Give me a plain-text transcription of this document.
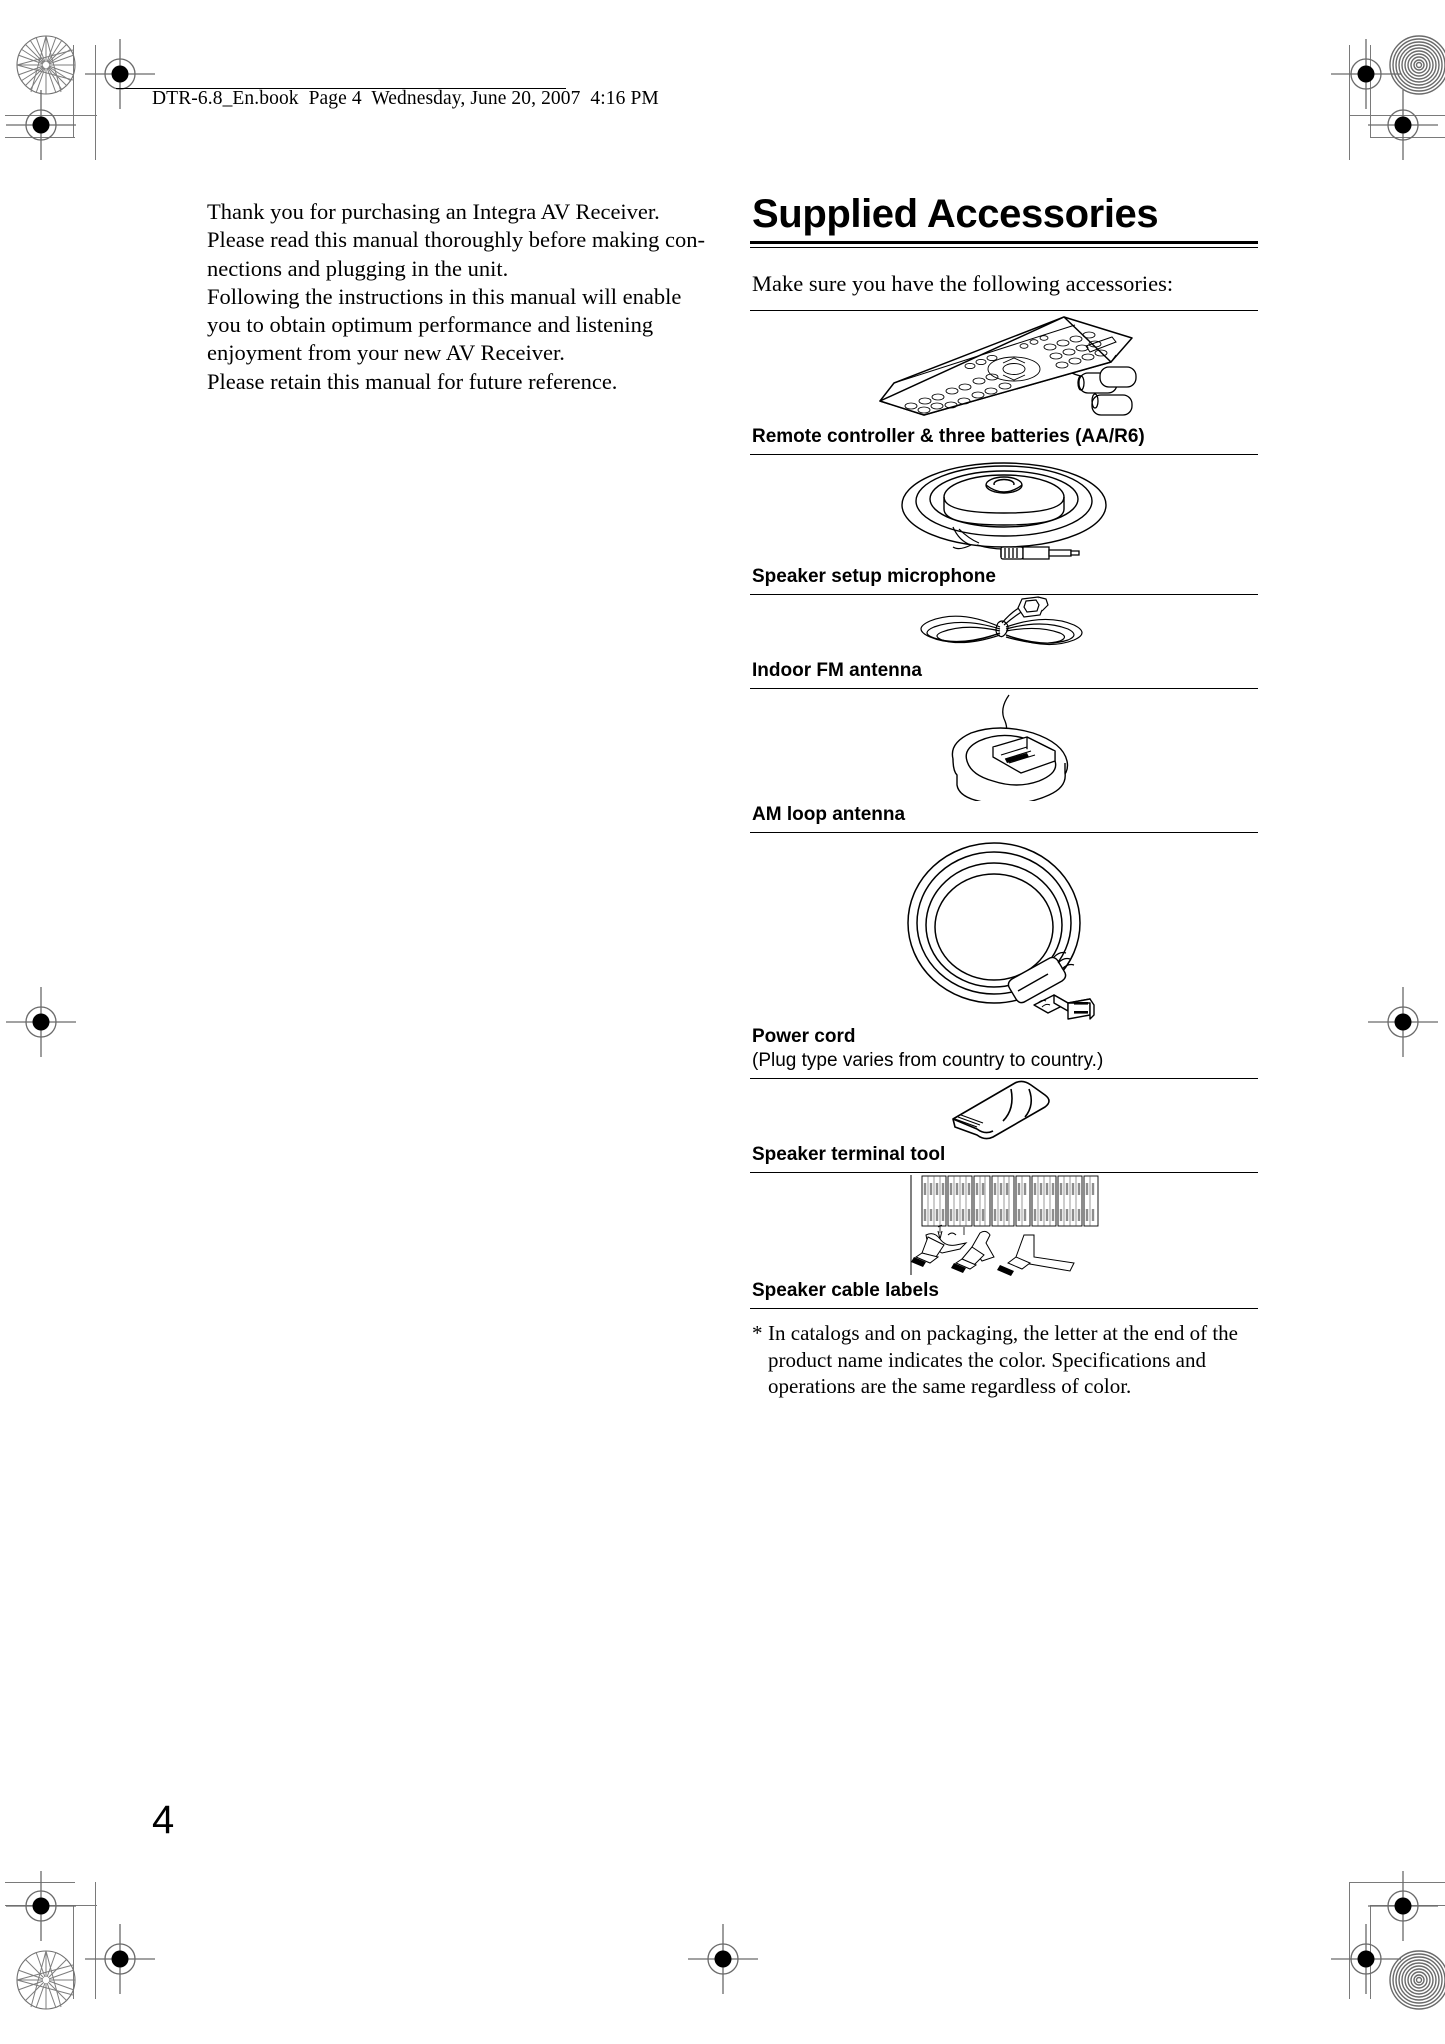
DTR-6.8_En.book  Page 4  Wednesday, June 20, 2007  4:16 PM

Thank you for purchasing an Integra AV Receiver.

Please read this manual thoroughly before making con-

nections and plugging in the unit.

Following the instructions in this manual will enable

you to obtain optimum performance and listening

enjoyment from your new AV Receiver.

Please retain this manual for future reference.

Supplied Accessories

Make sure you have the following accessories:

Remote controller & three batteries (AA/R6)
Speaker setup microphone
Indoor FM antenna
AM loop antenna
Power cord
(Plug type varies from country to country.)
Speaker terminal tool
Speaker cable labels
* In catalogs and on packaging, the letter at the end of the product name indicates the color. Specifications and operations are the same regardless of color.
4
